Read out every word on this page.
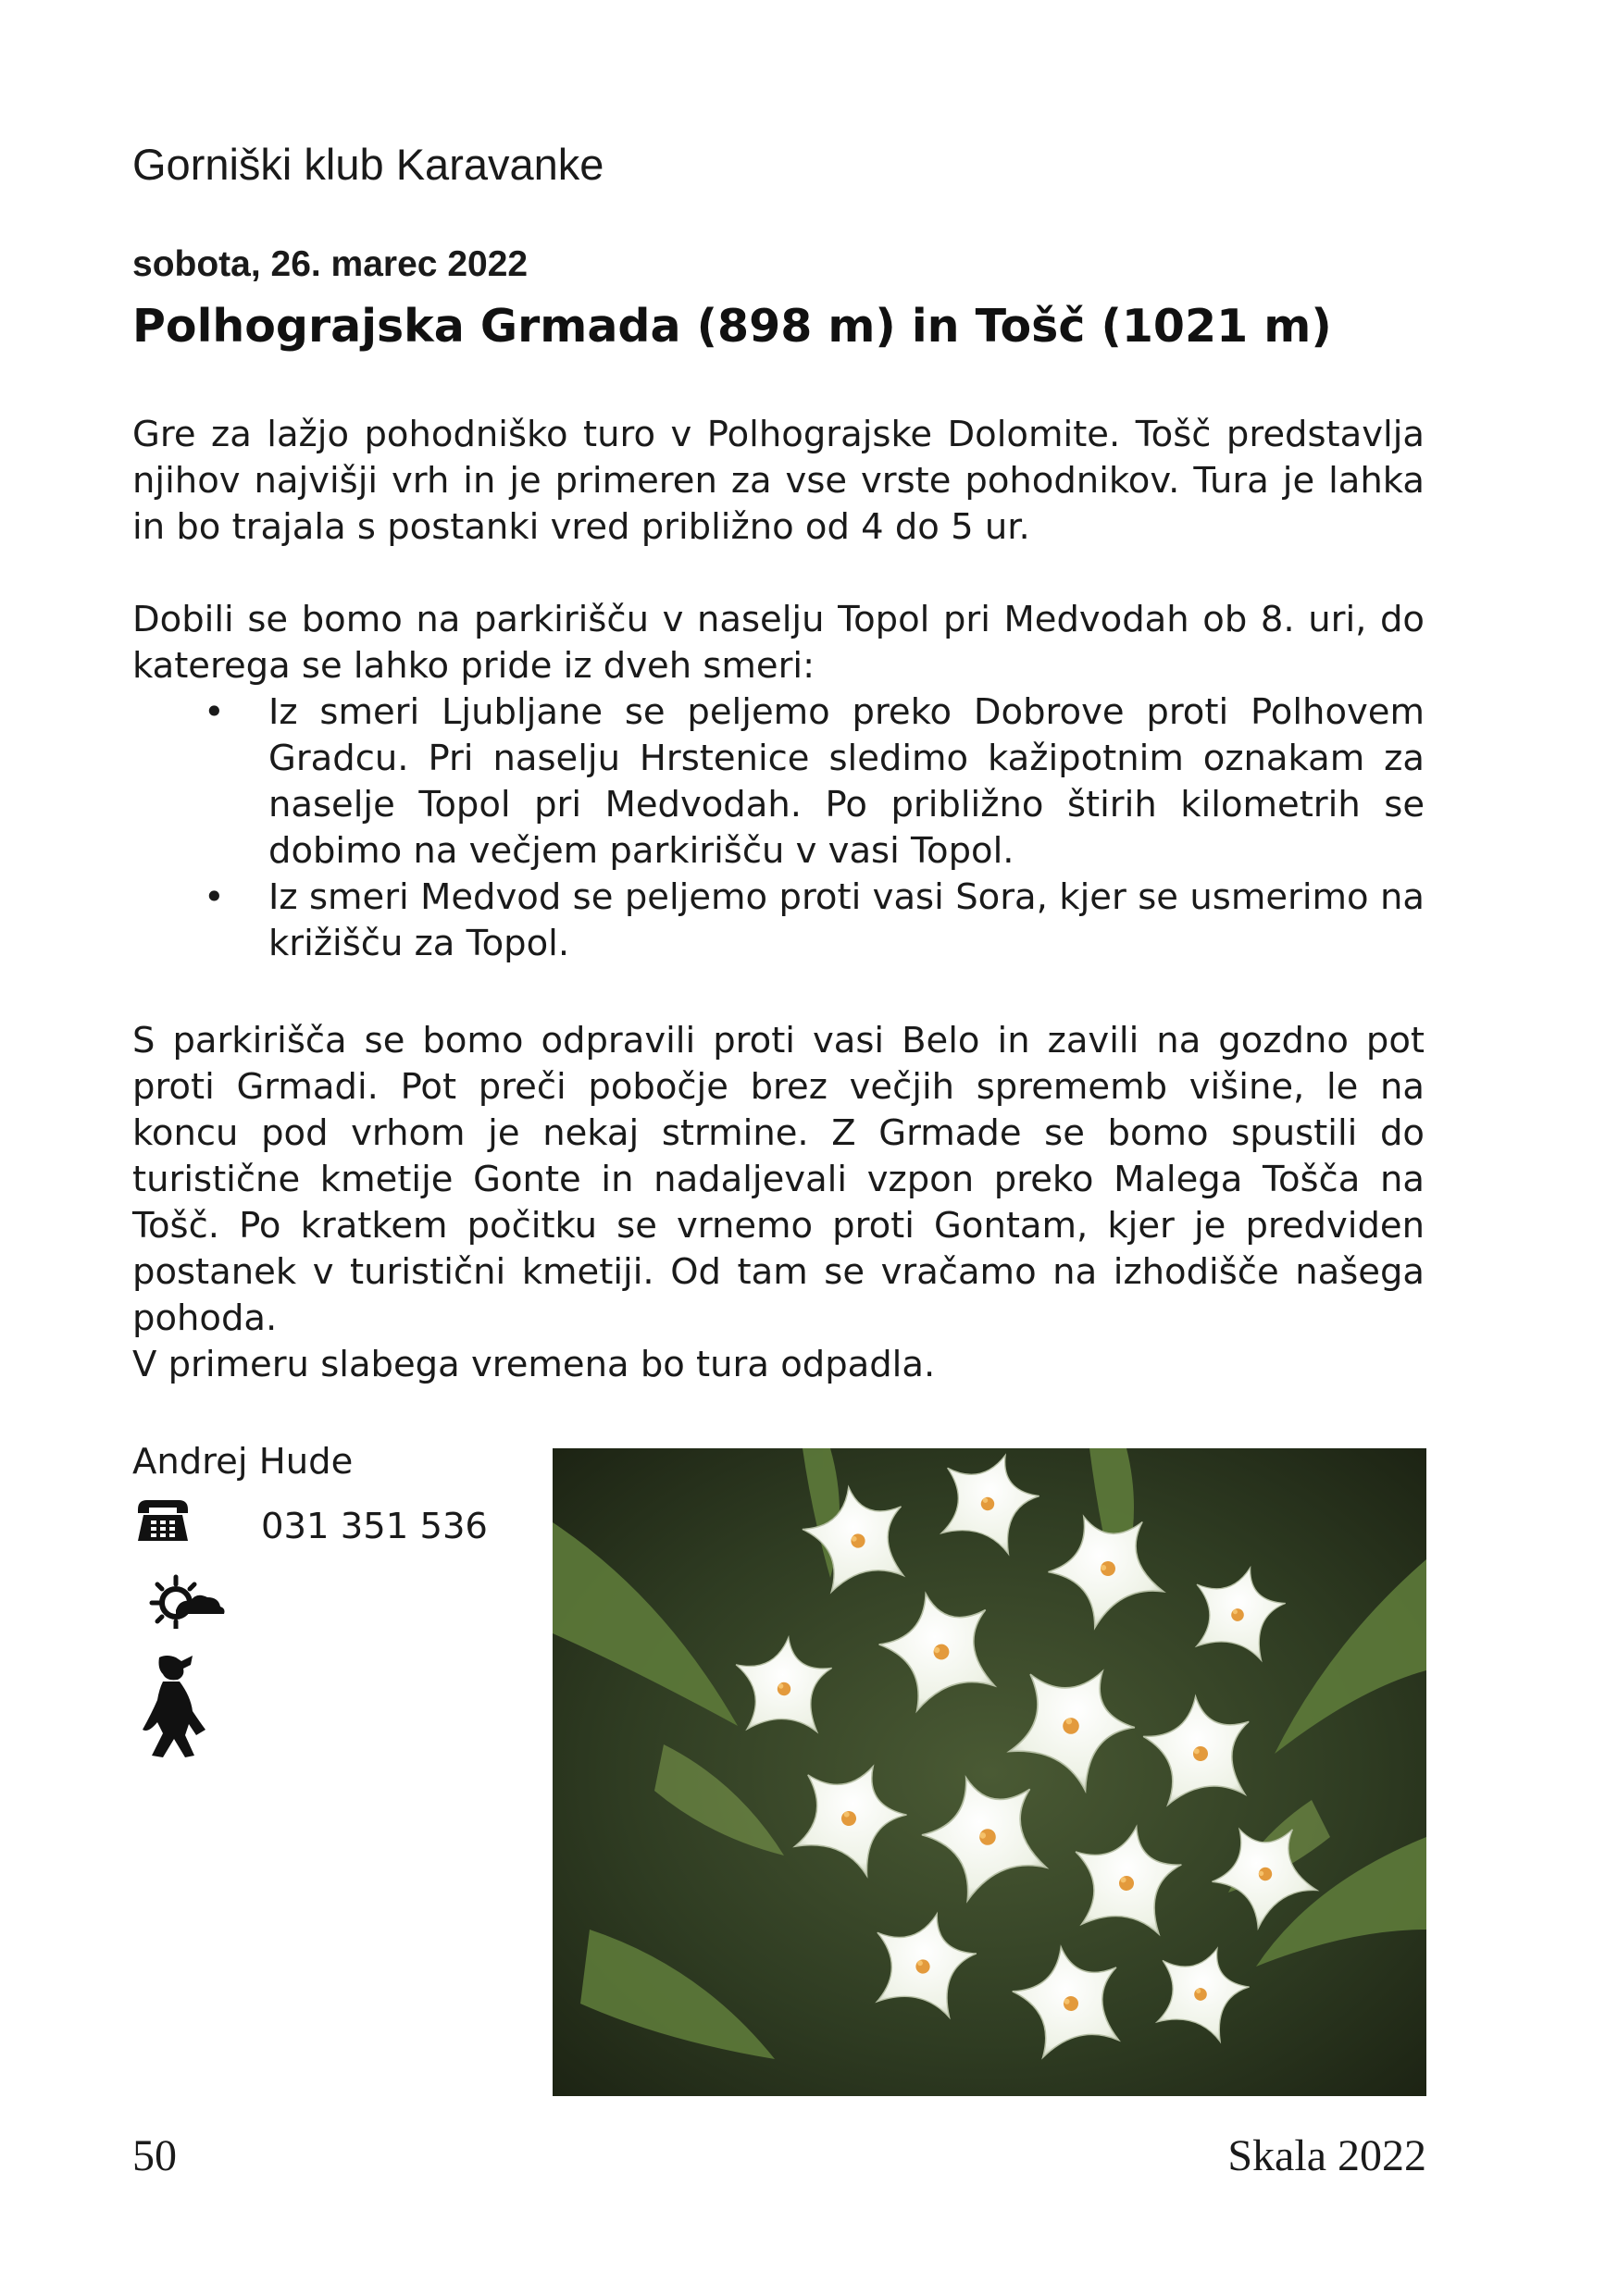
Gorniški klub Karavanke
sobota, 26. marec 2022
Polhograjska Grmada (898 m) in Tošč (1021 m)
Gre za lažjo pohodniško turo v Polhograjske Dolomite. Tošč predstavlja njihov najvišji vrh in je primeren za vse vrste pohodnikov. Tura je lahka in bo trajala s postanki vred približno od 4 do 5 ur.

Dobili se bomo na parkirišču v naselju Topol pri Medvodah ob 8. uri, do katerega se lahko pride iz dveh smeri:

• Iz smeri Ljubljane se peljemo preko Dobrove proti Polhovem Gradcu. Pri naselju Hrstenice sledimo kažipotnim oznakam za naselje Topol pri Medvodah. Po približno štirih kilometrih se dobimo na večjem parkirišču v vasi Topol.
• Iz smeri Medvod se peljemo proti vasi Sora, kjer se usmerimo na križišču za Topol.
S parkirišča se bomo odpravili proti vasi Belo in zavili na gozdno pot proti Grmadi. Pot preči pobočje brez večjih sprememb višine, le na koncu pod vrhom je nekaj strmine. Z Grmade se bomo spustili do turistične kmetije Gonte in nadaljevali vzpon preko Malega Tošča na Tošč. Po kratkem počitku se vrnemo proti Gontam, kjer je predviden postanek v turistični kmetiji. Od tam se vračamo na izhodišče našega pohoda.
V primeru slabega vremena bo tura odpadla.
Andrej Hude
031 351 536
50	Skala 2022
